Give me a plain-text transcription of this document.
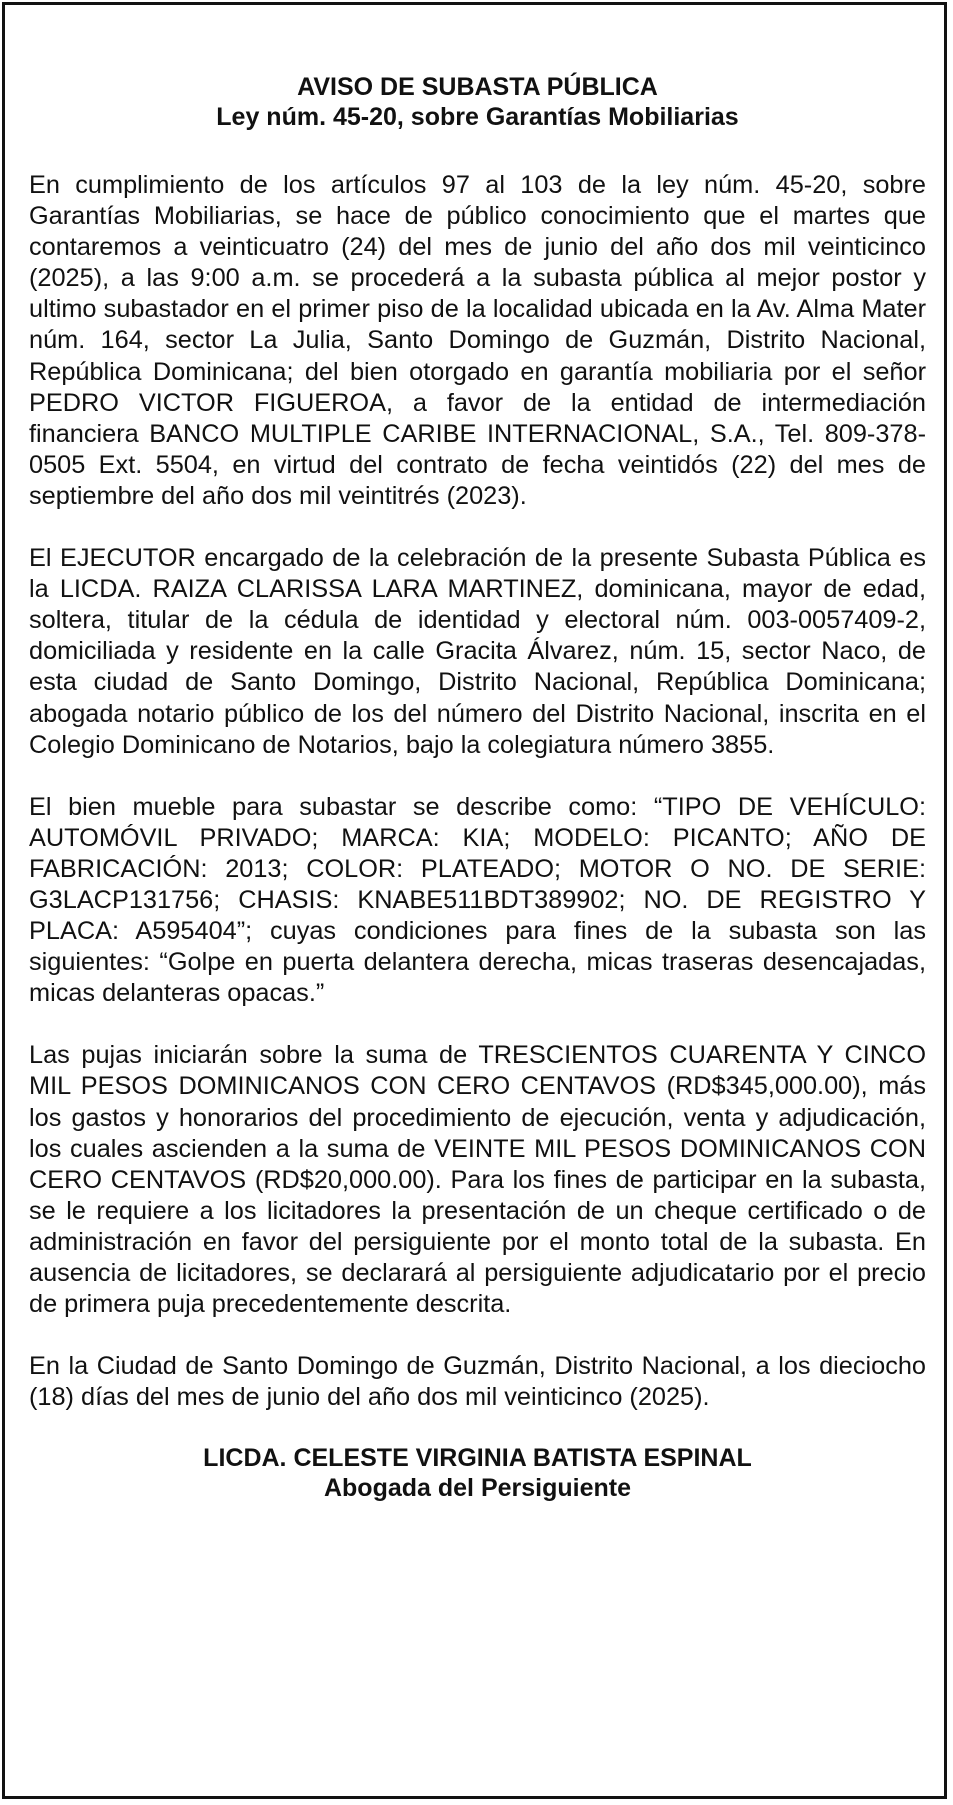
AVISO DE SUBASTA PÚBLICA
Ley núm. 45-20, sobre Garantías Mobiliarias

En cumplimiento de los artículos 97 al 103 de la ley núm. 45-20, sobre Garantías Mobiliarias, se hace de público conocimiento que el martes que contaremos a veinticuatro (24) del mes de junio del año dos mil veinticinco (2025), a las 9:00 a.m. se procederá a la subasta pública al mejor postor y ultimo subastador en el primer piso de la localidad ubicada en la Av. Alma Mater núm. 164, sector La Julia, Santo Domingo de Guzmán, Distrito Nacional, República Dominicana; del bien otorgado en garantía mobiliaria por el señor PEDRO VICTOR FIGUEROA, a favor de la entidad de intermediación financiera BANCO MULTIPLE CARIBE INTERNACIONAL, S.A., Tel. 809-378-0505 Ext. 5504, en virtud del contrato de fecha veintidós (22) del mes de septiembre del año dos mil veintitrés (2023).

El EJECUTOR encargado de la celebración de la presente Subasta Pública es la LICDA. RAIZA CLARISSA LARA MARTINEZ, dominicana, mayor de edad, soltera, titular de la cédula de identidad y electoral núm. 003-0057409-2, domiciliada y residente en la calle Gracita Álvarez, núm. 15, sector Naco, de esta ciudad de Santo Domingo, Distrito Nacional, República Dominicana; abogada notario público de los del número del Distrito Nacional, inscrita en el Colegio Dominicano de Notarios, bajo la colegiatura número 3855.

El bien mueble para subastar se describe como: “TIPO DE VEHÍCULO: AUTOMÓVIL PRIVADO; MARCA: KIA; MODELO: PICANTO; AÑO DE FABRICACIÓN: 2013; COLOR: PLATEADO; MOTOR O NO. DE SERIE: G3LACP131756; CHASIS: KNABE511BDT389902; NO. DE REGISTRO Y PLACA: A595404”; cuyas condiciones para fines de la subasta son las siguientes: “Golpe en puerta delantera derecha, micas traseras desencajadas, micas delanteras opacas.”

Las pujas iniciarán sobre la suma de TRESCIENTOS CUARENTA Y CINCO MIL PESOS DOMINICANOS CON CERO CENTAVOS (RD$345,000.00), más los gastos y honorarios del procedimiento de ejecución, venta y adjudicación, los cuales ascienden a la suma de VEINTE MIL PESOS DOMINICANOS CON CERO CENTAVOS (RD$20,000.00). Para los fines de participar en la subasta, se le requiere a los licitadores la presentación de un cheque certificado o de administración en favor del persiguiente por el monto total de la subasta. En ausencia de licitadores, se declarará al persiguiente adjudicatario por el precio de primera puja precedentemente descrita.

En la Ciudad de Santo Domingo de Guzmán, Distrito Nacional, a los dieciocho (18) días del mes de junio del año dos mil veinticinco (2025).

LICDA. CELESTE VIRGINIA BATISTA ESPINAL
Abogada del Persiguiente
